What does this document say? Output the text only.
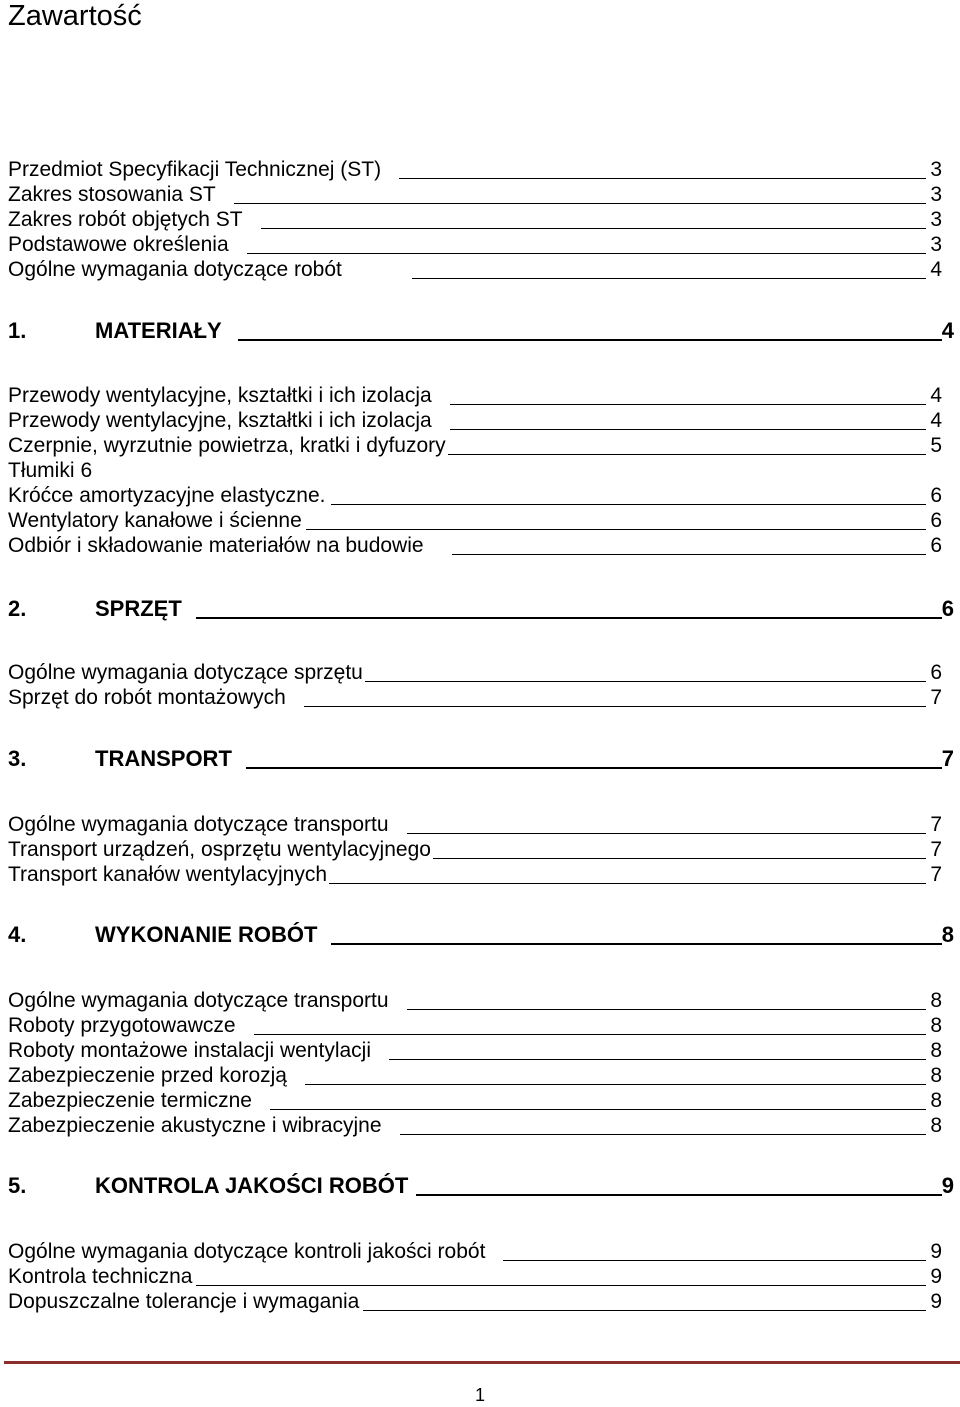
Zawartość
Przedmiot Specyfikacji Technicznej (ST)	3
Zakres stosowania ST	3
Zakres robót objętych ST	3
Podstawowe określenia	3
Ogólne wymagania dotyczące robót	4
1.	MATERIAŁY	4
Przewody wentylacyjne, kształtki i ich izolacja	4
Przewody wentylacyjne, kształtki i ich izolacja	4
Czerpnie, wyrzutnie powietrza, kratki i dyfuzory	5
Tłumiki 6
Króćce amortyzacyjne elastyczne.	6
Wentylatory kanałowe i ścienne	6
Odbiór i składowanie materiałów na budowie	6
2.	SPRZĘT	6
Ogólne wymagania dotyczące sprzętu	6
Sprzęt do robót montażowych	7
3.	TRANSPORT	7
Ogólne wymagania dotyczące transportu	7
Transport urządzeń, osprzętu wentylacyjnego	7
Transport kanałów wentylacyjnych	7
4.	WYKONANIE ROBÓT	8
Ogólne wymagania dotyczące transportu	8
Roboty przygotowawcze	8
Roboty montażowe instalacji wentylacji	8
Zabezpieczenie przed korozją	8
Zabezpieczenie termiczne	8
Zabezpieczenie akustyczne i wibracyjne	8
5.	KONTROLA JAKOŚCI ROBÓT	9
Ogólne wymagania dotyczące kontroli jakości robót	9
Kontrola techniczna	9
Dopuszczalne tolerancje i wymagania	9
1
